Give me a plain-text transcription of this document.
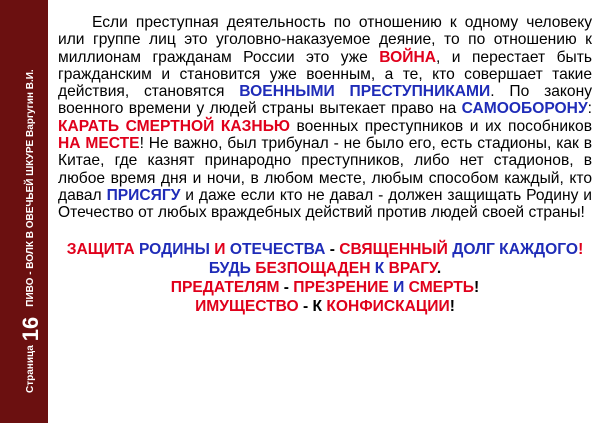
Страница
16
ПИВО - ВОЛК В ОВЕЧЬЕЙ ШКУРЕ Варгугин В.И.

Если преступная деятельность по отношению к одному человеку или группе лиц это уголовно-наказуемое деяние, то по отношению к миллионам гражданам России это уже ВОЙНА, и перестает быть гражданским и становится уже военным, а те, кто совершает такие действия, становятся ВОЕННЫМИ ПРЕСТУПНИКАМИ. По закону военного времени у людей страны вытекает право на САМООБОРОНУ: КАРАТЬ СМЕРТНОЙ КАЗНЬЮ военных преступников и их пособников НА МЕСТЕ! Не важно, был трибунал - не было его, есть стадионы, как в Китае, где казнят принародно преступников, либо нет стадионов, в любое время дня и ночи, в любом месте, любым способом каждый, кто давал ПРИСЯГУ и даже если кто не давал - должен защищать Родину и Отечество от любых враждебных действий против людей своей страны!

ЗАЩИТА РОДИНЫ И ОТЕЧЕСТВА - СВЯЩЕННЫЙ ДОЛГ КАЖДОГО!
БУДЬ БЕЗПОЩАДЕН К ВРАГУ.
ПРЕДАТЕЛЯМ - ПРЕЗРЕНИЕ И СМЕРТЬ!
ИМУЩЕСТВО - К КОНФИСКАЦИИ!
